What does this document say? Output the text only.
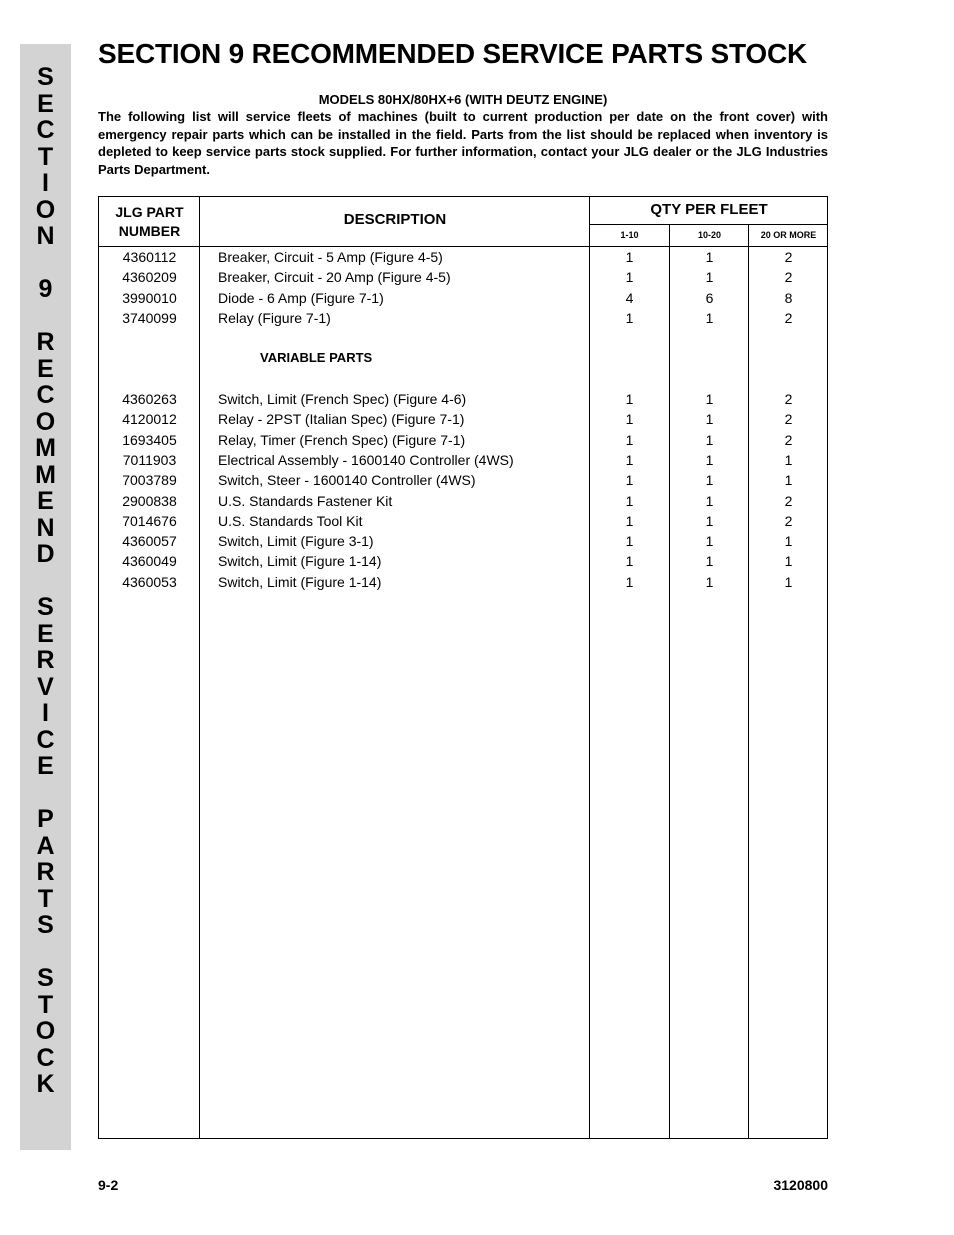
S
E
C
T
I
O
N
9
R
E
C
O
M
M
E
N
D
S
E
R
V
I
C
E
P
A
R
T
S
S
T
O
C
K
SECTION 9 RECOMMENDED SERVICE PARTS STOCK
MODELS 80HX/80HX+6 (WITH DEUTZ ENGINE)

The following list will service fleets of machines (built to current production per date on the front cover) with emergency repair parts which can be installed in the field. Parts from the list should be replaced when inventory is depleted to keep service parts stock supplied. For further information, contact your JLG dealer or the JLG Industries Parts Department.

JLG PART
NUMBER
DESCRIPTION
QTY PER FLEET
1-10	10-20	20 OR MORE
4360112	Breaker, Circuit - 5 Amp (Figure 4-5)	1	1	2
4360209	Breaker, Circuit - 20 Amp (Figure 4-5)	1	1	2
3990010	Diode - 6 Amp (Figure 7-1)	4	6	8
3740099	Relay (Figure 7-1)	1	1	2
VARIABLE PARTS
4360263	Switch, Limit (French Spec) (Figure 4-6)	1	1	2
4120012	Relay - 2PST (Italian Spec) (Figure 7-1)	1	1	2
1693405	Relay, Timer (French Spec) (Figure 7-1)	1	1	2
7011903	Electrical Assembly - 1600140 Controller (4WS)	1	1	1
7003789	Switch, Steer - 1600140 Controller (4WS)	1	1	1
2900838	U.S. Standards Fastener Kit	1	1	2
7014676	U.S. Standards Tool Kit	1	1	2
4360057	Switch, Limit (Figure 3-1)	1	1	1
4360049	Switch, Limit (Figure 1-14)	1	1	1
4360053	Switch, Limit (Figure 1-14)	1	1	1
9-2	3120800
